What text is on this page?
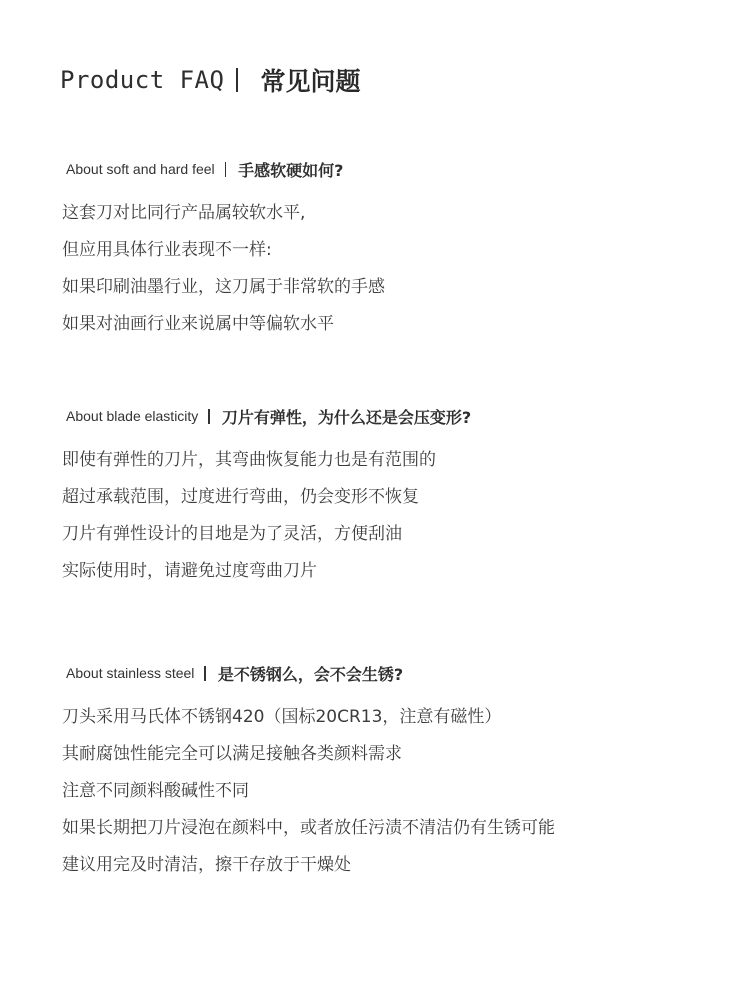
Product FAQ 常见问题
About soft and hard feel 手感软硬如何?
这套刀对比同行产品属较软水平,
但应用具体行业表现不一样:
如果印刷油墨行业，这刀属于非常软的手感
如果对油画行业来说属中等偏软水平
About blade elasticity 刀片有弹性，为什么还是会压变形?
即使有弹性的刀片，其弯曲恢复能力也是有范围的
超过承载范围，过度进行弯曲，仍会变形不恢复
刀片有弹性设计的目地是为了灵活，方便刮油
实际使用时，请避免过度弯曲刀片
About stainless steel 是不锈钢么，会不会生锈?
刀头采用马氏体不锈钢420（国标20CR13，注意有磁性）
其耐腐蚀性能完全可以满足接触各类颜料需求
注意不同颜料酸碱性不同
如果长期把刀片浸泡在颜料中，或者放任污渍不清洁仍有生锈可能
建议用完及时清洁，擦干存放于干燥处
